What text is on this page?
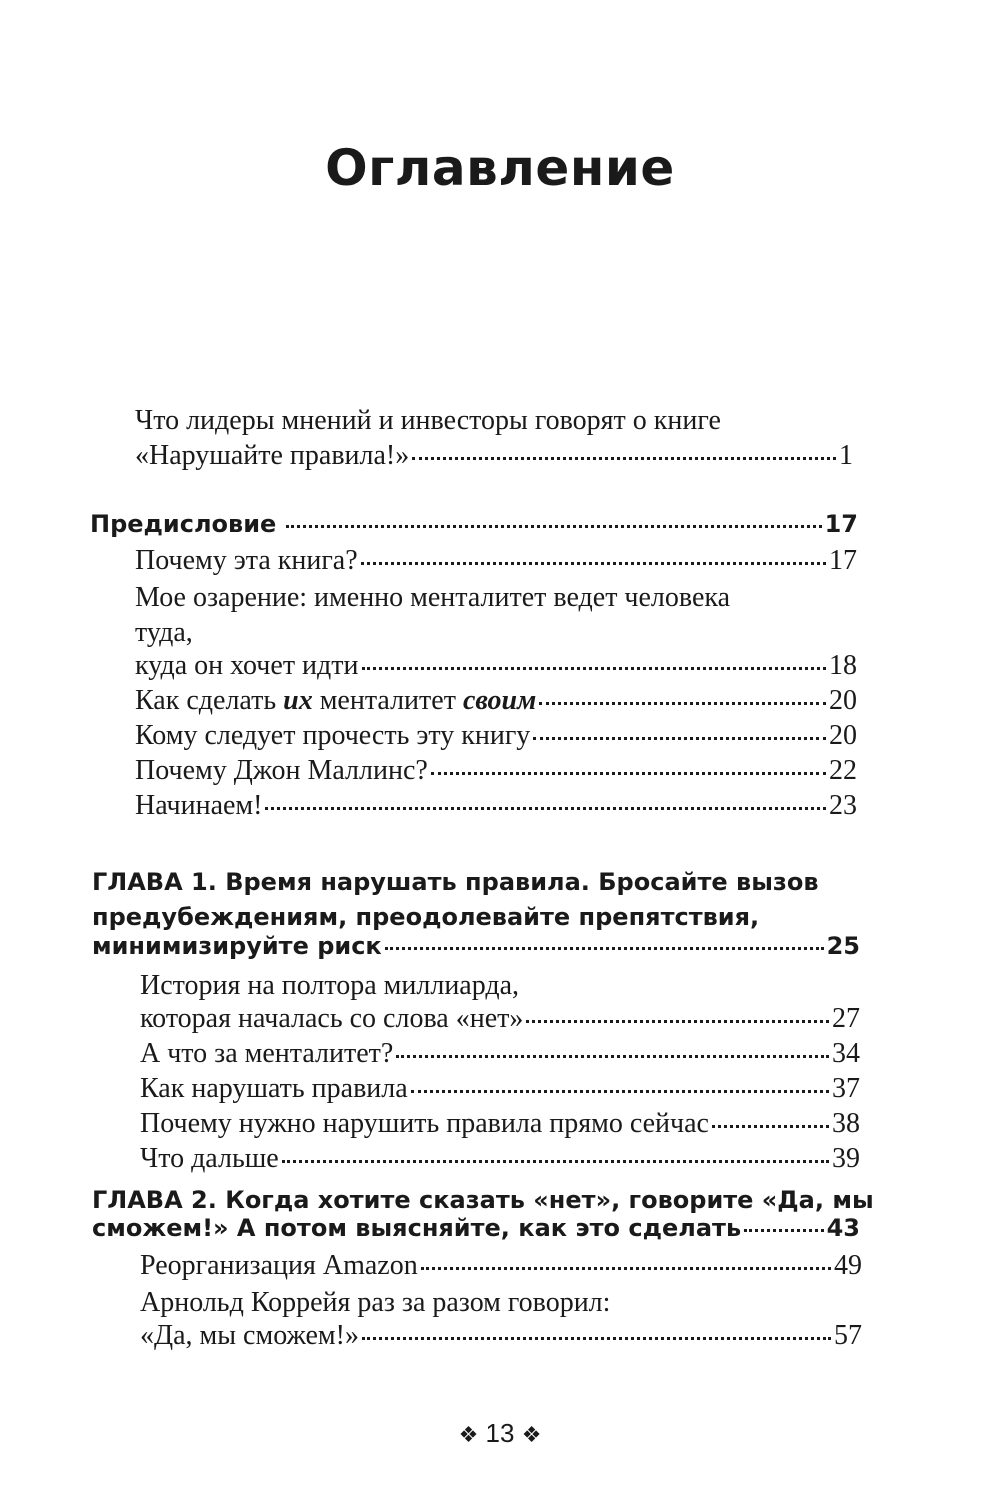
Оглавление
Что лидеры мнений и инвесторы говорят о книге
«Нарушайте правила!»	1
Предисловие	17
Почему эта книга?	17
Мое озарение: именно менталитет ведет человека
туда,
куда он хочет идти	18
Как сделать их менталитет своим	20
Кому следует прочесть эту книгу	20
Почему Джон Маллинс?	22
Начинаем!	23
ГЛАВА 1. Время нарушать правила. Бросайте вызов
предубеждениям, преодолевайте препятствия,
минимизируйте риск	25
История на полтора миллиарда,
которая началась со слова «нет»	27
А что за менталитет?	34
Как нарушать правила	37
Почему нужно нарушить правила прямо сейчас	38
Что дальше	39
ГЛАВА 2. Когда хотите сказать «нет», говорите «Да, мы
сможем!» А потом выясняйте, как это сделать	43
Реорганизация Amazon	49
Арнольд Коррейя раз за разом говорил:
«Да, мы сможем!»	57
❖ 13 ❖
